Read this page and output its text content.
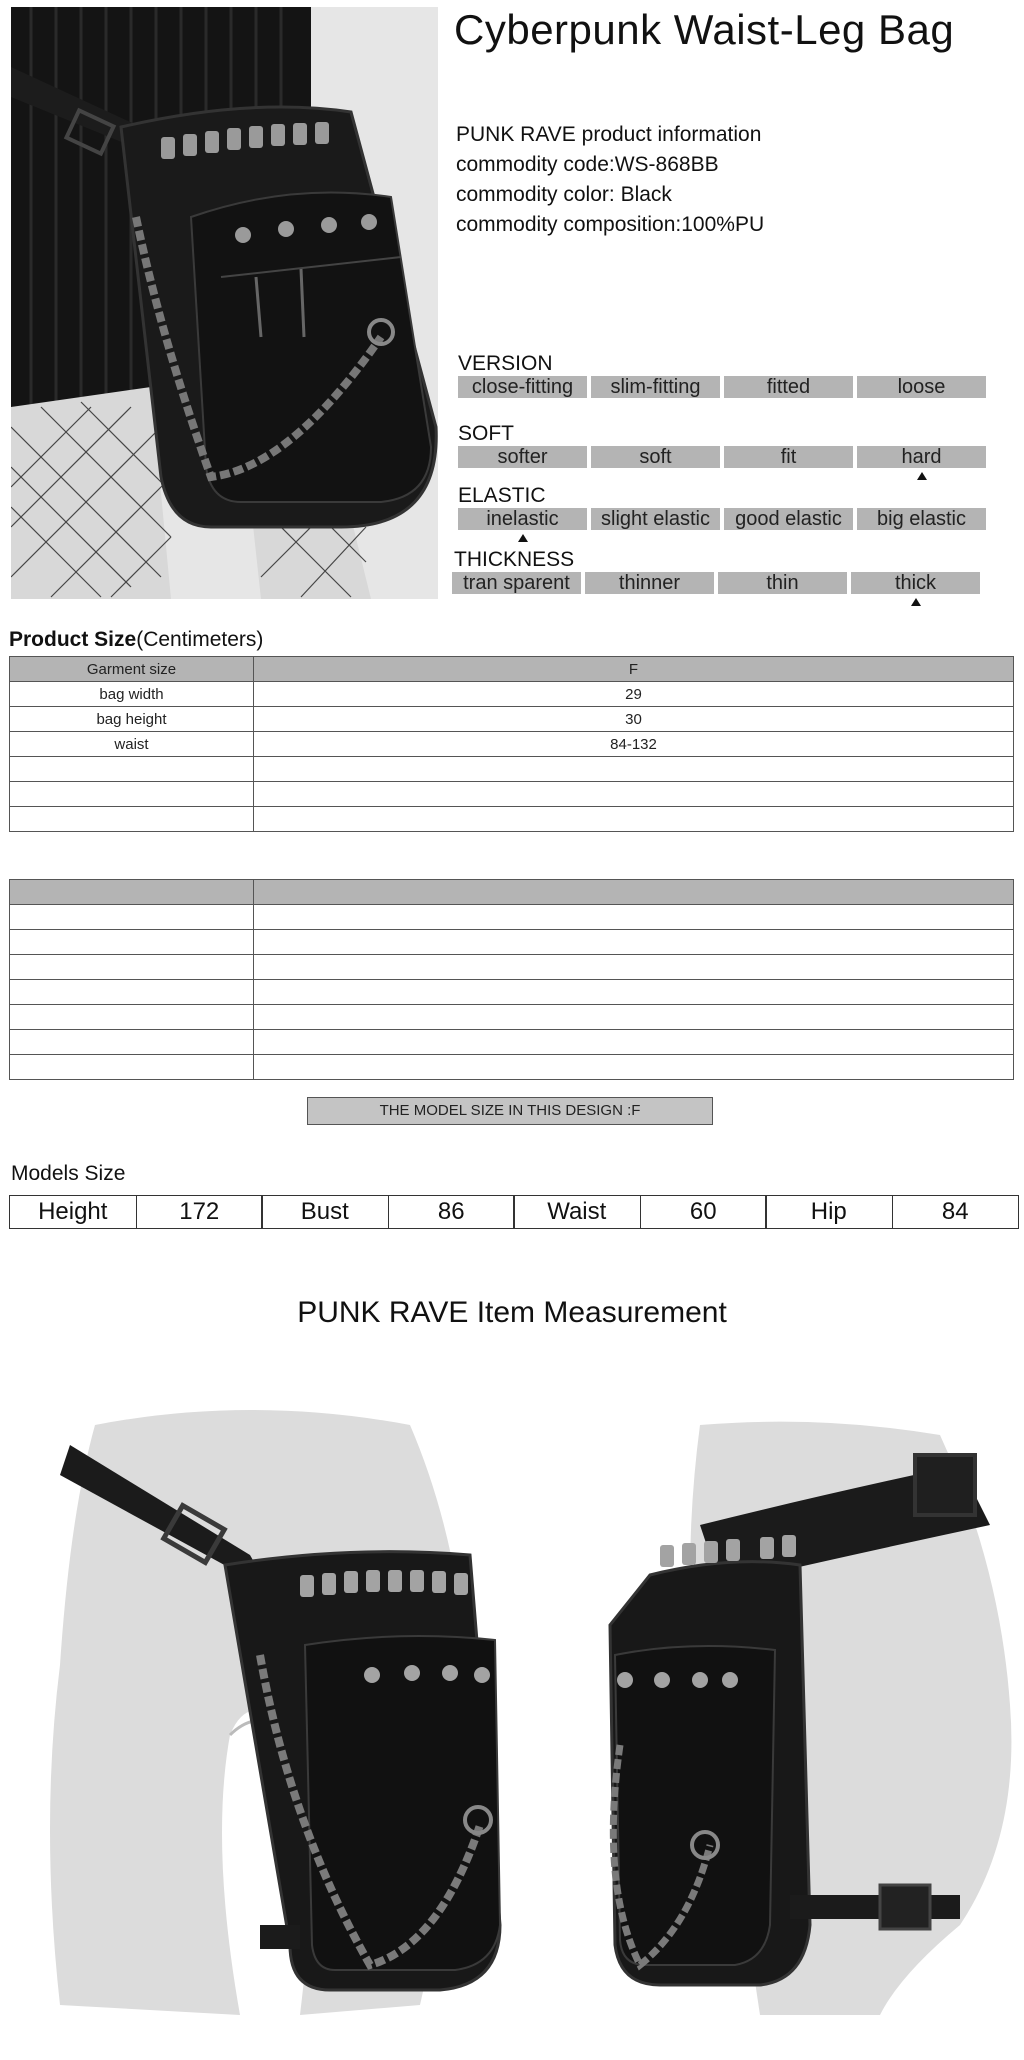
Cyberpunk Waist-Leg Bag
PUNK RAVE product information
commodity code:WS-868BB
commodity color: Black
commodity composition:100%PU
VERSION
close-fitting	slim-fitting	fitted	loose
SOFT
softer	soft	fit	hard
ELASTIC
inelastic	slight elastic	good elastic	big elastic
THICKNESS
tran sparent	thinner	thin	thick
Product Size(Centimeters)
Garment size	F
bag width	29
bag height	30
waist	84-132

THE MODEL SIZE IN THIS DESIGN :F
Models Size
Height	172	Bust	86	Waist	60	Hip	84
PUNK RAVE Item Measurement
